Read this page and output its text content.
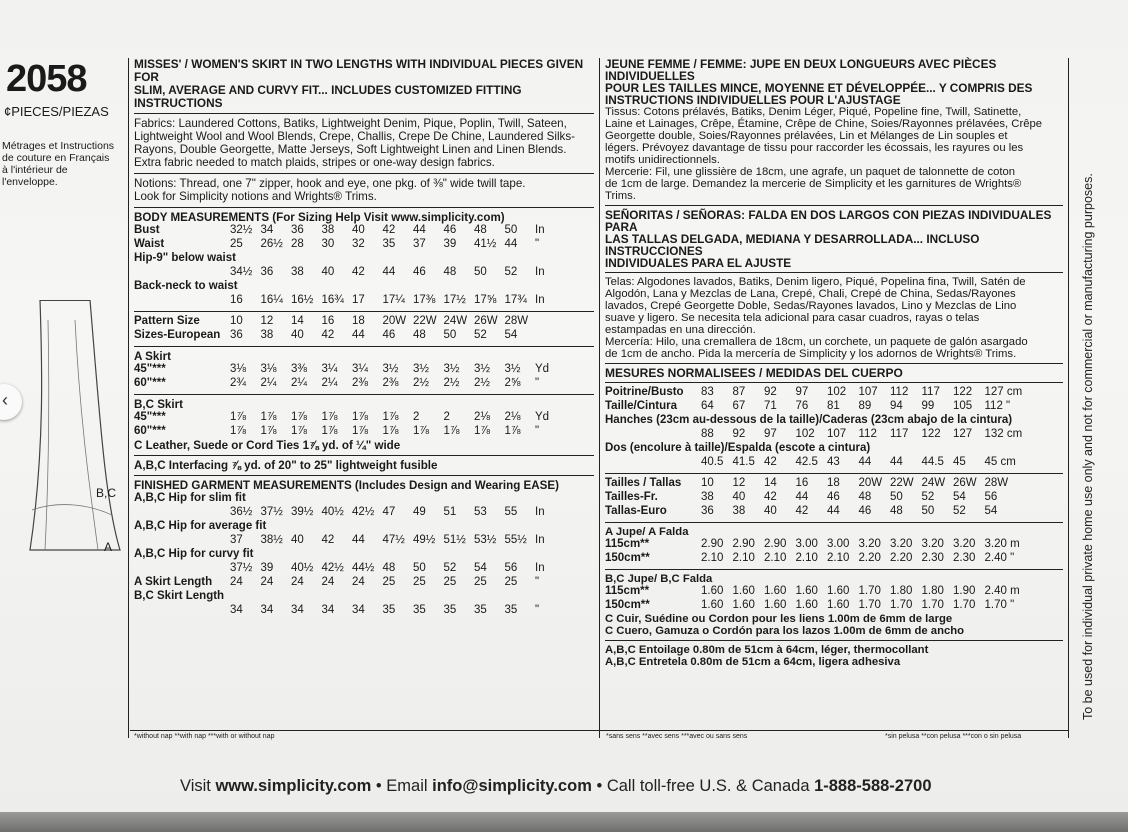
2058
¢PIECES/PIEZAS
Métrages et Instructions
de couture en Français
à l'intérieur de
l'enveloppe.
B,C
A
‹
MISSES' / WOMEN'S SKIRT IN TWO LENGTHS WITH INDIVIDUAL PIECES GIVEN FOR
SLIM, AVERAGE AND CURVY FIT... INCLUDES CUSTOMIZED FITTING INSTRUCTIONS
Fabrics: Laundered Cottons, Batiks, Lightweight Denim, Pique, Poplin, Twill, Sateen,
Lightweight Wool and Wool Blends, Crepe, Challis, Crepe De Chine, Laundered Silks-
Rayons, Double Georgette, Matte Jerseys, Soft Lightweight Linen and Linen Blends.
Extra fabric needed to match plaids, stripes or one-way design fabrics.
Notions: Thread, one 7" zipper, hook and eye, one pkg. of ⅜" wide twill tape.
Look for Simplicity notions and Wrights® Trims.
BODY MEASUREMENTS (For Sizing Help Visit www.simplicity.com)
Bust	32½ 34	36	38	40	42	44	46	48	50	In
Waist	25	26½ 28	30	32	35	37	39	41½ 44	"
Hip-9" below waist
34½ 36	38	40	42	44	46	48	50	52	In
Back-neck to waist
16	16¼ 16½ 16¾ 17	17¼ 17⅜ 17½ 17⅝ 17¾ In
Pattern Size	10	12	14	16	18	20W 22W 24W 26W 28W
Sizes-European 36	38	40	42	44	46	48	50	52	54
A Skirt
45"***	3⅛	3⅛	3⅜	3¼	3¼	3½	3½	3½	3½	3½	Yd
60"***	2¾	2¼	2¼	2¼	2⅜	2⅜	2½	2½	2½	2⅝	"
B,C Skirt
45"***	1⅞	1⅞	1⅞	1⅞	1⅞	1⅞	2	2	2⅛	2⅛	Yd
60"***	1⅞	1⅞	1⅞	1⅞	1⅞	1⅞	1⅞	1⅞	1⅞	1⅞	"
C Leather, Suede or Cord Ties 1⅞ yd. of ¼" wide
A,B,C Interfacing ⅞ yd. of 20" to 25" lightweight fusible
FINISHED GARMENT MEASUREMENTS (Includes Design and Wearing EASE)
A,B,C Hip for slim fit
36½ 37½ 39½ 40½ 42½ 47	49	51	53	55	In
A,B,C Hip for average fit
37	38½ 40	42	44	47½ 49½ 51½ 53½ 55½ In
A,B,C Hip for curvy fit
37½ 39	40½ 42½ 44½ 48	50	52	54	56	In
A Skirt Length	24	24	24	24	24	25	25	25	25	25	"
B,C Skirt Length
34	34	34	34	34	35	35	35	35	35	"
*without nap **with nap ***with or without nap
JEUNE FEMME / FEMME: JUPE EN DEUX LONGUEURS AVEC PIÈCES INDIVIDUELLES
POUR LES TAILLES MINCE, MOYENNE ET DÉVELOPPÉE... Y COMPRIS DES
INSTRUCTIONS INDIVIDUELLES POUR L'AJUSTAGE
Tissus: Cotons prélavés, Batiks, Denim Léger, Piqué, Popeline fine, Twill, Satinette,
Laine et Lainages, Crêpe, Étamine, Crêpe de Chine, Soies/Rayonnes prélavées, Crêpe
Georgette double, Soies/Rayonnes prélavées, Lin et Mélanges de Lin souples et
légers. Prévoyez davantage de tissu pour raccorder les écossais, les rayures ou les
motifs unidirectionnels.
Mercerie: Fil, une glissière de 18cm, une agrafe, un paquet de talonnette de coton
de 1cm de large. Demandez la mercerie de Simplicity et les garnitures de Wrights®
Trims.
SEÑORITAS / SEÑORAS: FALDA EN DOS LARGOS CON PIEZAS INDIVIDUALES PARA
LAS TALLAS DELGADA, MEDIANA Y DESARROLLADA... INCLUSO INSTRUCCIONES
INDIVIDUALES PARA EL AJUSTE
Telas: Algodones lavados, Batiks, Denim ligero, Piqué, Popelina fina, Twill, Satén de
Algodón, Lana y Mezclas de Lana, Crepé, Chali, Crepé de China, Sedas/Rayones
lavados, Crepé Georgette Doble, Sedas/Rayones lavados, Lino y Mezclas de Lino
suave y ligero. Se necesita tela adicional para casar cuadros, rayas o telas
estampadas en una dirección.
Mercería: Hilo, una cremallera de 18cm, un corchete, un paquete de galón asargado
de 1cm de ancho. Pida la mercería de Simplicity y los adornos de Wrights® Trims.
MESURES NORMALISEES / MEDIDAS DEL CUERPO
Poitrine/Busto	83	87	92	97	102	107	112	117	122	127 cm
Taille/Cintura	64	67	71	76	81	89	94	99	105	112 "
Hanches (23cm au-dessous de la taille)/Caderas (23cm abajo de la cintura)
88	92	97	102	107	112	117	122	127	132 cm
Dos (encolure à taille)/Espalda (escote a cintura)
40.5 41.5 42	42.5 43	44	44	44.5 45	45 cm
Tailles / Tallas	10	12	14	16	18	20W 22W 24W 26W 28W
Tailles-Fr.	38	40	42	44	46	48	50	52	54	56
Tallas-Euro	36	38	40	42	44	46	48	50	52	54
A Jupe/ A Falda
115cm**	2.90 2.90 2.90 3.00 3.00 3.20 3.20 3.20 3.20 3.20 m
150cm**	2.10 2.10 2.10 2.10 2.10 2.20 2.20 2.30 2.30 2.40 "
B,C Jupe/ B,C Falda
115cm**	1.60 1.60 1.60 1.60 1.60 1.70 1.80 1.80 1.90 2.40 m
150cm**	1.60 1.60 1.60 1.60 1.60 1.70 1.70 1.70 1.70 1.70 "
C Cuir, Suédine ou Cordon pour les liens 1.00m de 6mm de large
C Cuero, Gamuza o Cordón para los lazos 1.00m de 6mm de ancho
A,B,C Entoilage 0.80m de 51cm à 64cm, léger, thermocollant
A,B,C Entretela 0.80m de 51cm a 64cm, ligera adhesiva
*sans sens **avec sens ***avec ou sans sens	*sin pelusa **con pelusa ***con o sin pelusa
Visit www.simplicity.com • Email info@simplicity.com • Call toll-free U.S. & Canada 1-888-588-2700
To be used for individual private home use only and not for commercial or manufacturing purposes.
